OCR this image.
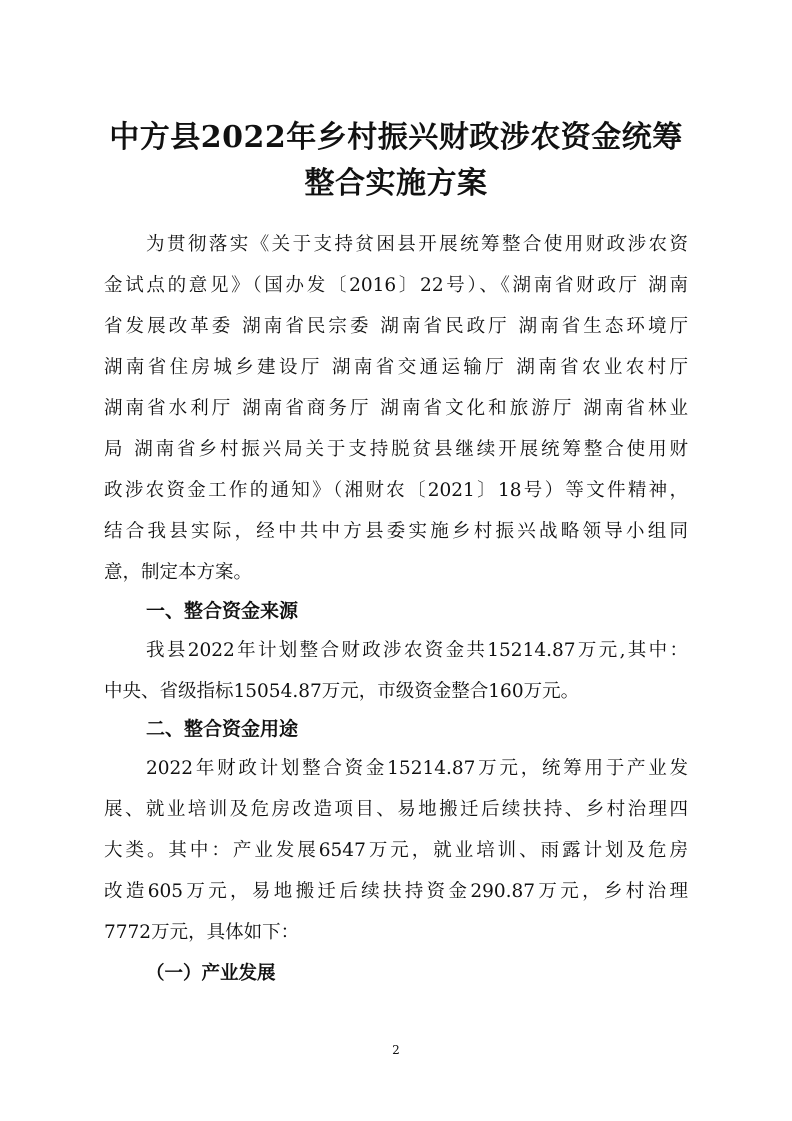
中方县2022年乡村振兴财政涉农资金统筹
整合实施方案

为贯彻落实《关于支持贫困县开展统筹整合使用财政涉农资

金试点的意见》（国办发〔2016〕22号）、《湖南省财政厅 湖南

省发展改革委 湖南省民宗委 湖南省民政厅 湖南省生态环境厅

湖南省住房城乡建设厅 湖南省交通运输厅 湖南省农业农村厅

湖南省水利厅 湖南省商务厅 湖南省文化和旅游厅 湖南省林业

局 湖南省乡村振兴局关于支持脱贫县继续开展统筹整合使用财

政涉农资金工作的通知》（湘财农〔2021〕18号）等文件精神，

结合我县实际，经中共中方县委实施乡村振兴战略领导小组同

意，制定本方案。

一、整合资金来源

我县2022年计划整合财政涉农资金共15214.87万元,其中：

中央、省级指标15054.87万元，市级资金整合160万元。

二、整合资金用途

2022年财政计划整合资金15214.87万元，统筹用于产业发

展、就业培训及危房改造项目、易地搬迁后续扶持、乡村治理四

大类。其中：产业发展6547万元，就业培训、雨露计划及危房

改造605万元，易地搬迁后续扶持资金290.87万元，乡村治理

7772万元，具体如下：

（一）产业发展
2
